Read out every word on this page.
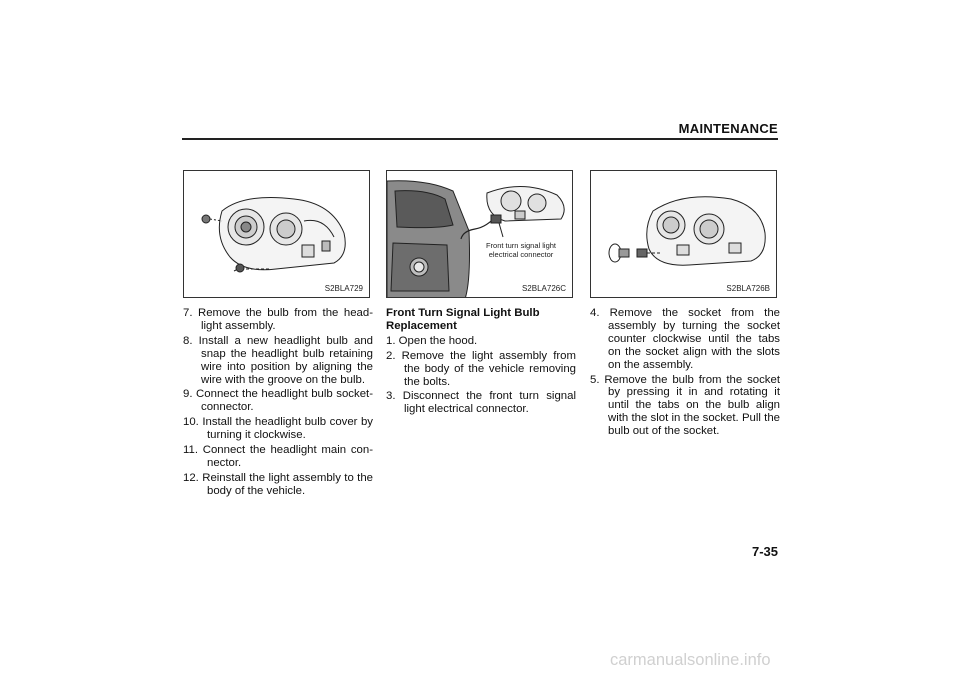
MAINTENANCE
S2BLA729
Front turn signal light electrical connector
S2BLA726C	S2BLA726B

7. Remove the bulb from the head- light assembly.

8. Install a new headlight bulb and snap the headlight bulb retaining wire into position by aligning the wire with the groove on the bulb.

9. Connect the headlight bulb socket- connector.

10. Install the headlight bulb cover by turning it clockwise.

11. Connect the headlight main con- nector.

12. Reinstall the light assembly to the body of the vehicle.

Front Turn Signal Light Bulb Replacement

1. Open the hood.

2. Remove the light assembly from the body of the vehicle removing the bolts.

3. Disconnect the front turn signal light electrical connector.

4. Remove the socket from the assembly by turning the socket counter clockwise until the tabs on the socket align with the slots on the assembly.

5. Remove the bulb from the socket by pressing it in and rotating it until the tabs on the bulb align with the slot in the socket. Pull the bulb out of the socket.

7-35
carmanualsonline.info
